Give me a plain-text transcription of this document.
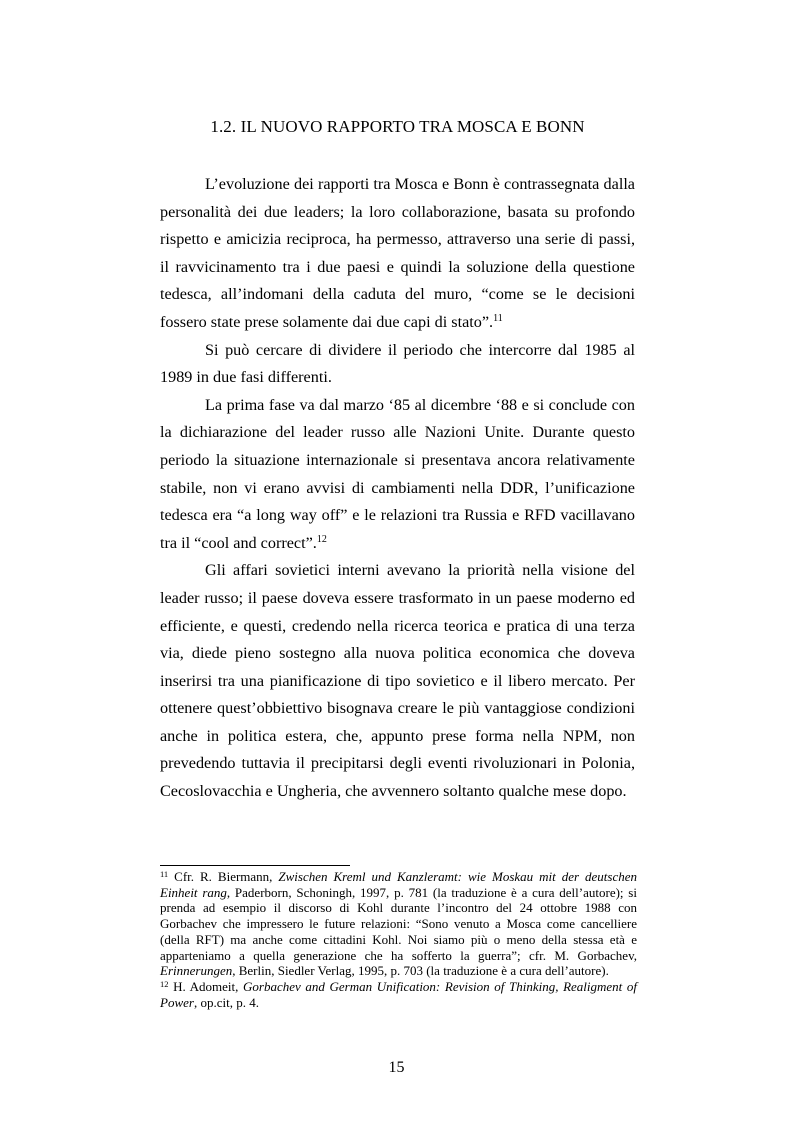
1.2. IL NUOVO RAPPORTO TRA MOSCA E BONN

L’evoluzione dei rapporti tra Mosca e Bonn è contrassegnata dalla personalità dei due leaders; la loro collaborazione, basata su profondo rispetto e amicizia reciproca, ha permesso, attraverso una serie di passi, il ravvicinamento tra i due paesi e quindi la soluzione della questione tedesca, all’indomani della caduta del muro, “come se le decisioni fossero state prese solamente dai due capi di stato”.$^{11}$

Si può cercare di dividere il periodo che intercorre dal 1985 al 1989 in due fasi differenti.

La prima fase va dal marzo ‘85 al dicembre ‘88 e si conclude con la dichiarazione del leader russo alle Nazioni Unite. Durante questo periodo la situazione internazionale si presentava ancora relativamente stabile, non vi erano avvisi di cambiamenti nella DDR, l’unificazione tedesca era “a long way off” e le relazioni tra Russia e RFD vacillavano tra il “cool and correct”.$^{12}$

Gli affari sovietici interni avevano la priorità nella visione del leader russo; il paese doveva essere trasformato in un paese moderno ed efficiente, e questi, credendo nella ricerca teorica e pratica di una terza via, diede pieno sostegno alla nuova politica economica che doveva inserirsi tra una pianificazione di tipo sovietico e il libero mercato. Per ottenere quest’obbiettivo bisognava creare le più vantaggiose condizioni anche in politica estera, che, appunto prese forma nella NPM, non prevedendo tuttavia il precipitarsi degli eventi rivoluzionari in Polonia, Cecoslovacchia e Ungheria, che avvennero soltanto qualche mese dopo.

$^{11}$ Cfr. R. Biermann, Zwischen Kreml und Kanzleramt: wie Moskau mit der deutschen Einheit rang, Paderborn, Schoningh, 1997, p. 781 (la traduzione è a cura dell’autore); si prenda ad esempio il discorso di Kohl durante l’incontro del 24 ottobre 1988 con Gorbachev che impressero le future relazioni: “Sono venuto a Mosca come cancelliere (della RFT) ma anche come cittadini Kohl. Noi siamo più o meno della stessa età e apparteniamo a quella generazione che ha sofferto la guerra”; cfr. M. Gorbachev, Erinnerungen, Berlin, Siedler Verlag, 1995, p. 703 (la traduzione è a cura dell’autore).

$^{12}$ H. Adomeit, Gorbachev and German Unification: Revision of Thinking, Realigment of Power, op.cit, p. 4.

15
